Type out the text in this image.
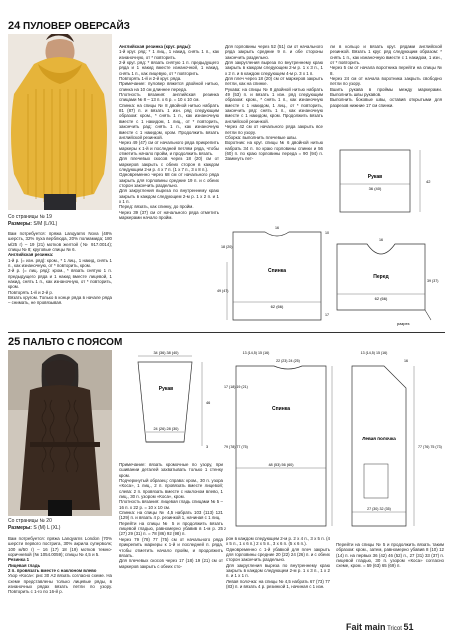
24 ПУЛОВЕР ОВЕРСАЙЗ
Со страницы № 19
Размеры: S/M (L/XL)

Вам потребуется: пряжа Lanqyarns Nova (48% шерсть, 32% пуха верблюда, 20% полиамида; 180 м/25 г) – 19 (21) мотков желтой (№ 917.0014); спицы № 8; круговые спицы № 6.

Английская резинка:

1-й р. (= изн. ряд): кром., * 1 лиц., 1 накид, снять 1 п., как изнаночную, от * повторить, кром.

2-й р. (= лиц. ряд): кром., * вязать снятую 1 п. предыдущего ряда и 1 накид вместе лицевой, 1 накид, снять 1 п., как изнаночную, от * повторить, кром.

Повторять 1-й и 2-й р.

Вязать кругом. Только в конце ряда в начале ряда – снимать, не провязывая.

Английская резинка (круг. ряды):

1-й круг. ряд: * 1 лиц., 1 накид, снять 1 п., как изнаночную, от * повторить.

2-й круг. ряд: * вязать снятую 1 п. предыдущего ряда и 1 накид вместе изнаночной, 1 накид, снять 1 п., как лицевую, от * повторить.

Повторять 1-й и 2-й круг. ряда.

Примечание: пуловер вяжется двойной нитью, спинка на 10 см длиннее переда.

Плотность вязания: английская резинка спицами № 8 – 13 п. х 6 р. = 10 х 10 см.

Спинка: на спицы № 8 двойной нитью набрать 81 (87) п. и вязать 1 изн. ряд следующим образом: кром., * снять 1 п., как изнаночную вместе с 1 накидом, 1 лиц., от * повторить, закончить рад: снять 1 п., как изнаночную вместе с 1 накидом, кром. Продолжить вязать английской резинкой.

Через 49 (47) см от начального ряда прикрепить маркеры к 1-й и последней петлям ряда, чтобы отметить начало пройм, и продолжить вязать.

Для плечевых скосов через 18 (20) см от маркеров закрыть с обеих сторон в каждом следующем 2-м р. 4 х 7 п. (1 х 7 п., 3 х 8 п.).

Одновременно через 68 см от начального ряда закрыть для горловины средние 19 п. и с обеих сторон закончить раздельно.

Для закругления выреза по внутреннему краю закрыть в каждом следующем 2-м р. 1 х 2 п. и 1 х 1 п.

Перед: вязать, как спинку, до пройм.

Через 39 (37) см от начального ряда отметить маркерами начало пройм.

Для горловины через 52 (51) см от начального ряда закрыть средние 9 п. и обе стороны закончить раздельно.

Для закругления выреза по внутреннему краю закрыть в каждом следующем 2-м р. 1 х 3 п., 1 х 2 п. и в каждом следующем 4-м р. 3 х 1 п.

Для плеч через 18 (20) см от маркеров закрыть петли, как на спинке.

Рукава: на спицы № 8 двойной нитью набрать 49 (53) п. и вязать 1 изн. ряд следующим образом: кром., * снять 1 п., как изнаночную вместе с 1 накидом, 1 лиц., от * повторить, закончить ряд: снять 1 п., как изнаночную вместе с 1 накидом, кром. Продолжить вязать английской резинкой.

Через 42 см от начального ряда закрыть все петли по узору.

Сборка: выполнить плечевые швы.

Воротник: на круг. спицы № 6 двойной нитью набрать 34 п. по краю горловины спинки и 56 (60) п. по краю горловины переда = 90 (94) п. Замкнуть пет-

ли в кольцо и вязать круг. рядами английской резинкой. Вязать 1 круг. ряд следующим образом: * снять 1 п., как изнаночную вместе с 1 накидом, 1 изн., от * повторить.

Через 5 см от начала воротника перейти на спицы № 8.

Через 24 см от начала воротника закрыть свободно петли по узору.

Вшить рукава в проймы между маркерами. Выполнить швы рукавов.

Выполнить боковые швы, оставив открытыми для разрезов нижние 17 см спинки.

Рукав
36 (40)
42
Спинка
62 (66)
49 (47)
18 (20)
16
10
Перед
62 (66)
16
39 (37)
разрез
17
25 ПАЛЬТО С ПОЯСОМ
Со страницы № 20
Размеры: S (M) L (XL)

Вам потребуется: пряжа Lanqyarns London (70% шерсти первого постригa, 30% акрила суперволк; 100 м/50 г) – 16 (17) 18 (19) мотков темно-коричневой (№ 1054.0059); спицы № 4,5 и 5.

Резинка 1

Лицевая гладь

2 п. провязать вместе с наклоном влево

Узор «Коса»: рис 30 А2 вязать согласно схеме. На схеме представлены только лицевые ряды, в изнаночных рядах вязать петли по узору. Повторить с 1-го по 16-й р.

34 (36) 38 (40)
Рукав
24 (26) 28 (30)
46
3

Примечание: вязать кромочные по узору, при сшивании деталей захватывать только 1 стенку кром.

Подчеркнутый образец: справа: кром., 30 п. узора «Коса», 1 лиц., 2 п. провязать вместе лицевой; слева: 2 п. провязать вместе с наклоном влево, 1 лиц., 30 п. узором «Коса», кром.

Плотность вязания: лицевая гладь спицами № 5 – 16 п. х 22 р. = 10 х 10 см.

Спинка: на спицы № 4,5 набрать 103 (113) 121 (129) п. и вязать 4 р. резинкой 1, начиная с 1 лиц.

Перейти на спицы № 5 и продолжить вязать лицевой гладью, равномерно убавив в 1-м р. 25 (27) 29 (31) п. = 78 (86) 92 (98) п.

Через 79 (78) 77 (75) см от начального ряда прикрепить маркеры к 1-й и последней п. ряда, чтобы отметить начало пройм, и продолжить вязать.

Для плечевых скосов через 17 (18) 19 (21) см от маркеров закрыть с обеих сто-

13 (14,5) 15 (16)
22 (23) 24 (25)
Спинка
48 (53) 56 (60)
17 (18) 19 (21)
79 (78) 77 (75)
2
13 (14,5) 15 (16)
16
Левая полочка
27 (30) 32 (35)
77 (76) 75 (73)

рон в каждом следующем 2-м р. 2 х 4 п., 3 х 5 п. (4 х 5 п., 1 х 6 п.) 2 х 5 п., 3 х 6 п. (5 х 6 п.).

Одновременно с 1-й убавкой для плеч закрыть для горловины средние 20 (22) 24 (26) п. и с обеих сторон закончить раздельно.

Для закругления выреза по внутреннему краю закрыть в каждом следующем 2-м р. 1 х 3 п., 1 х 2 п. и 1 х 1 п.

Левая полочка: на спицы № 4,5 набрать 67 (73) 77 (83) п. и вязать 4 р. резинкой 1, начиная с 1 изн.

Перейти на спицы № 5 и продолжить вязать таким образом: кром., затем, равномерно убавив 8 (10) 12 (14) п. на первых 36 (42) 46 (52) п., 27 (31) 33 (37) п. лицевой гладью, 30 п. узором «Коса» согласно схеме, кром. = 59 (63) 65 (69) п.

Fait main Tricot 51
